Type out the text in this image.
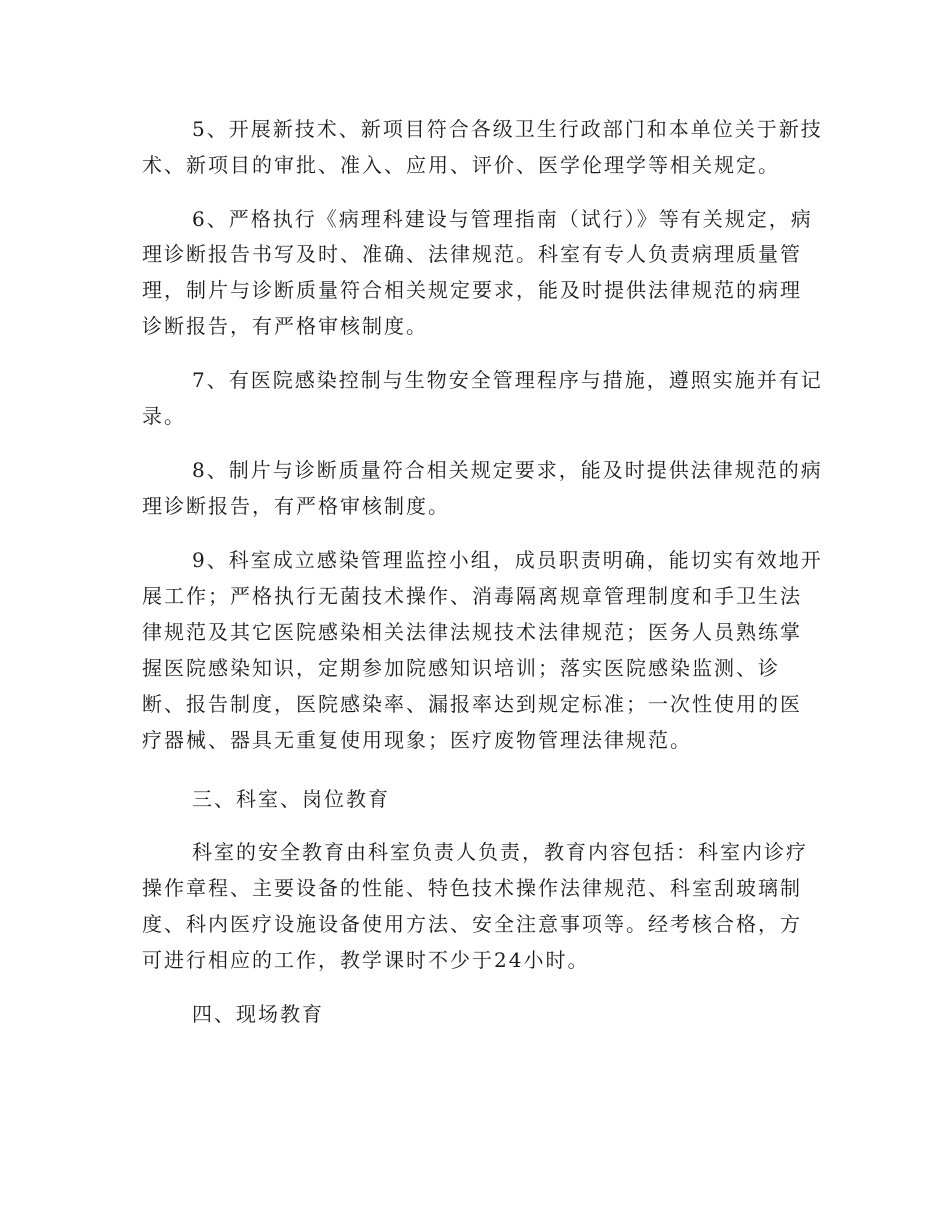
5、开展新技术、新项目符合各级卫生行政部门和本单位关于新技
术、新项目的审批、准入、应用、评价、医学伦理学等相关规定。
6、严格执行《病理科建设与管理指南（试行）》等有关规定，病
理诊断报告书写及时、准确、法律规范。科室有专人负责病理质量管
理，制片与诊断质量符合相关规定要求，能及时提供法律规范的病理
诊断报告，有严格审核制度。
7、有医院感染控制与生物安全管理程序与措施，遵照实施并有记
录。
8、制片与诊断质量符合相关规定要求，能及时提供法律规范的病
理诊断报告，有严格审核制度。
9、科室成立感染管理监控小组，成员职责明确，能切实有效地开
展工作；严格执行无菌技术操作、消毒隔离规章管理制度和手卫生法
律规范及其它医院感染相关法律法规技术法律规范；医务人员熟练掌
握医院感染知识，定期参加院感知识培训；落实医院感染监测、诊
断、报告制度，医院感染率、漏报率达到规定标准；一次性使用的医
疗器械、器具无重复使用现象；医疗废物管理法律规范。
三、科室、岗位教育
科室的安全教育由科室负责人负责，教育内容包括：科室内诊疗
操作章程、主要设备的性能、特色技术操作法律规范、科室刮玻璃制
度、科内医疗设施设备使用方法、安全注意事项等。经考核合格，方
可进行相应的工作，教学课时不少于24小时。
四、现场教育
